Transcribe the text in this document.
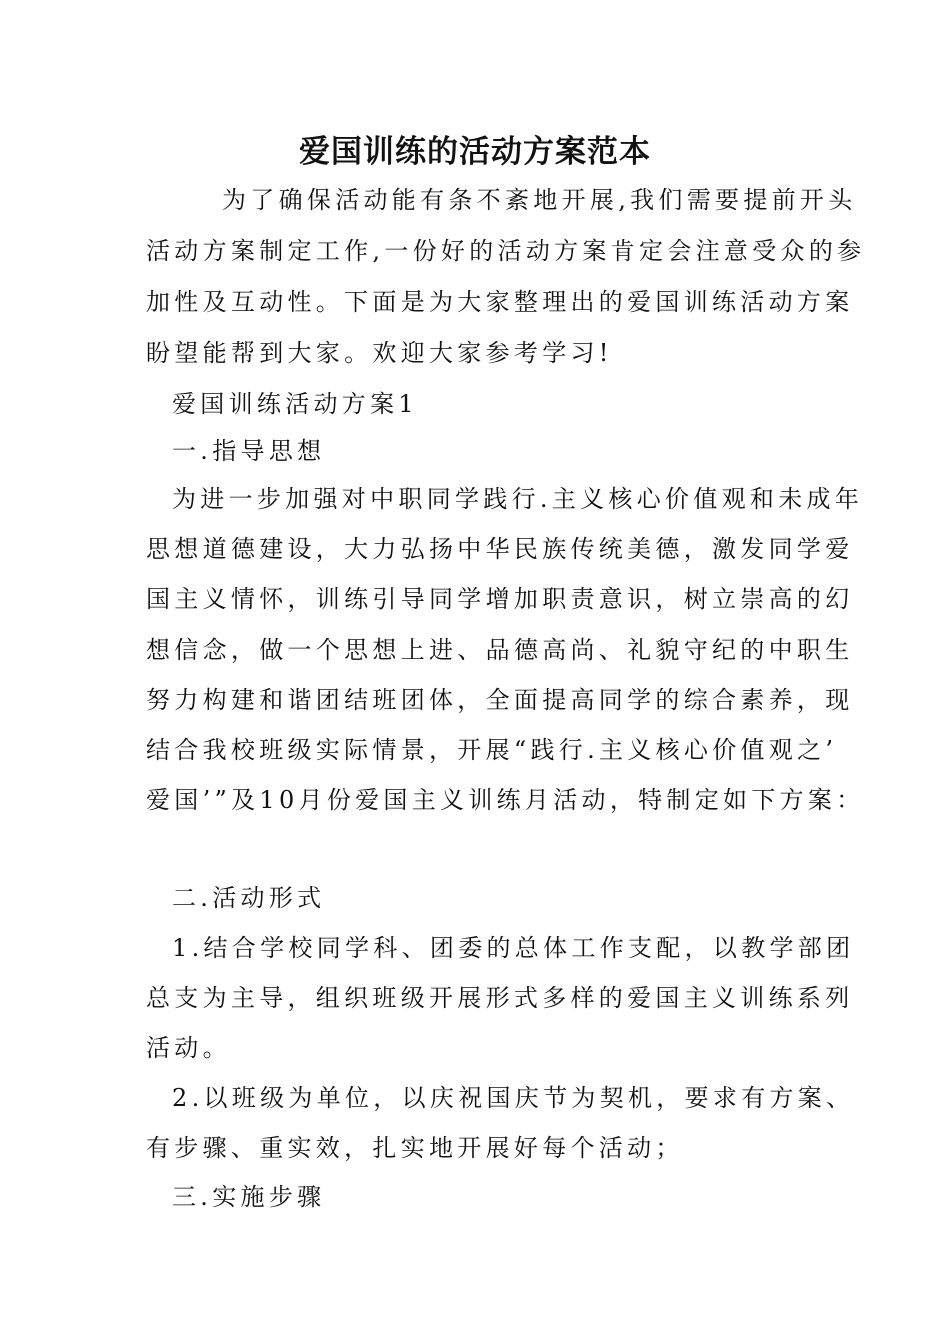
爱国训练的活动方案范本
为了确保活动能有条不紊地开展,我们需要提前开头
活动方案制定工作,一份好的活动方案肯定会注意受众的参
加性及互动性。下面是为大家整理出的爱国训练活动方案
盼望能帮到大家。欢迎大家参考学习!
爱国训练活动方案1
一.指导思想
为进一步加强对中职同学践行.主义核心价值观和未成年
思想道德建设，大力弘扬中华民族传统美德，激发同学爱
国主义情怀，训练引导同学增加职责意识，树立崇高的幻
想信念，做一个思想上进、品德高尚、礼貌守纪的中职生
努力构建和谐团结班团体，全面提高同学的综合素养，现
结合我校班级实际情景，开展“践行.主义核心价值观之’
爱国’”及10月份爱国主义训练月活动，特制定如下方案：
二.活动形式
1.结合学校同学科、团委的总体工作支配，以教学部团
总支为主导，组织班级开展形式多样的爱国主义训练系列
活动。
2.以班级为单位，以庆祝国庆节为契机，要求有方案、
有步骤、重实效，扎实地开展好每个活动；
三.实施步骤
